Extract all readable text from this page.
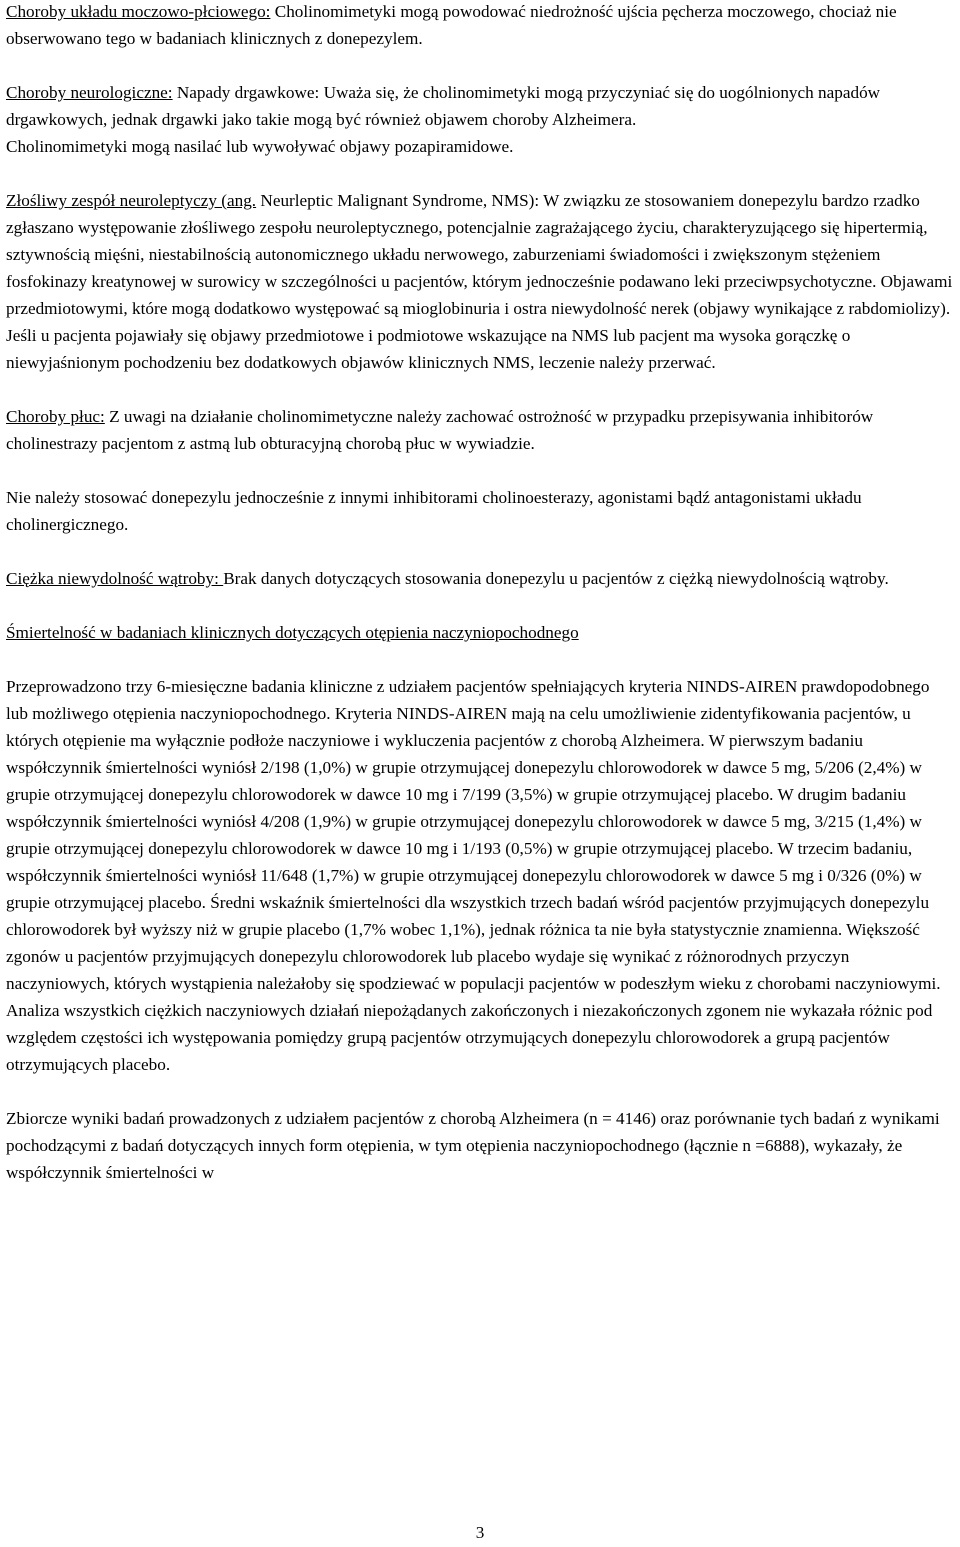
Choroby układu moczowo-płciowego: Cholinomimetyki mogą powodować niedrożność ujścia pęcherza moczowego, chociaż nie obserwowano tego w badaniach klinicznych z donepezylem.

Choroby neurologiczne: Napady drgawkowe: Uważa się, że cholinomimetyki mogą przyczyniać się do uogólnionych napadów drgawkowych, jednak drgawki jako takie mogą być również objawem choroby Alzheimera.

Cholinomimetyki mogą nasilać lub wywoływać objawy pozapiramidowe.

Złośliwy zespół neuroleptyczy (ang. Neurleptic Malignant Syndrome, NMS): W związku ze stosowaniem donepezylu bardzo rzadko zgłaszano występowanie złośliwego zespołu neuroleptycznego, potencjalnie zagrażającego życiu, charakteryzującego się hipertermią, sztywnością mięśni, niestabilnością autonomicznego układu nerwowego, zaburzeniami świadomości i zwiększonym stężeniem fosfokinazy kreatynowej w surowicy w szczególności u pacjentów, którym jednocześnie podawano leki przeciwpsychotyczne. Objawami przedmiotowymi, które mogą dodatkowo występować są mioglobinuria i ostra niewydolność nerek (objawy wynikające z rabdomiolizy). Jeśli u pacjenta pojawiały się objawy przedmiotowe i podmiotowe wskazujące na NMS lub pacjent ma wysoka gorączkę o niewyjaśnionym pochodzeniu bez dodatkowych objawów klinicznych NMS, leczenie należy przerwać.

Choroby płuc: Z uwagi na działanie cholinomimetyczne należy zachować ostrożność w przypadku przepisywania inhibitorów cholinestrazy pacjentom z astmą lub obturacyjną chorobą płuc w wywiadzie.

Nie należy stosować donepezylu jednocześnie z innymi inhibitorami cholinoesterazy, agonistami bądź antagonistami układu cholinergicznego.

Ciężka niewydolność wątroby: Brak danych dotyczących stosowania donepezylu u pacjentów z ciężką niewydolnością wątroby.

Śmiertelność w badaniach klinicznych dotyczących otępienia naczyniopochodnego

Przeprowadzono trzy 6-miesięczne badania kliniczne z udziałem pacjentów spełniających kryteria NINDS-AIREN prawdopodobnego lub możliwego otępienia naczyniopochodnego. Kryteria NINDS-AIREN mają na celu umożliwienie zidentyfikowania pacjentów, u których otępienie ma wyłącznie podłoże naczyniowe i wykluczenia pacjentów z chorobą Alzheimera. W pierwszym badaniu współczynnik śmiertelności wyniósł 2/198 (1,0%) w grupie otrzymującej donepezylu chlorowodorek w dawce 5 mg, 5/206 (2,4%) w grupie otrzymującej donepezylu chlorowodorek w dawce 10 mg i 7/199 (3,5%) w grupie otrzymującej placebo. W drugim badaniu współczynnik śmiertelności wyniósł 4/208 (1,9%) w grupie otrzymującej donepezylu chlorowodorek w dawce 5 mg, 3/215 (1,4%) w grupie otrzymującej donepezylu chlorowodorek w dawce 10 mg i 1/193 (0,5%) w grupie otrzymującej placebo. W trzecim badaniu, współczynnik śmiertelności wyniósł 11/648 (1,7%) w grupie otrzymującej donepezylu chlorowodorek w dawce 5 mg i 0/326 (0%) w grupie otrzymującej placebo. Średni wskaźnik śmiertelności dla wszystkich trzech badań wśród pacjentów przyjmujących donepezylu chlorowodorek był wyższy niż w grupie placebo (1,7% wobec 1,1%), jednak różnica ta nie była statystycznie znamienna. Większość zgonów u pacjentów przyjmujących donepezylu chlorowodorek lub placebo wydaje się wynikać z różnorodnych przyczyn naczyniowych, których wystąpienia należałoby się spodziewać w populacji pacjentów w podeszłym wieku z chorobami naczyniowymi. Analiza wszystkich ciężkich naczyniowych działań niepożądanych zakończonych i niezakończonych zgonem nie wykazała różnic pod względem częstości ich występowania pomiędzy grupą pacjentów otrzymujących donepezylu chlorowodorek a grupą pacjentów otrzymujących placebo.

Zbiorcze wyniki badań prowadzonych z udziałem pacjentów z chorobą Alzheimera (n = 4146) oraz porównanie tych badań z wynikami pochodzącymi z badań dotyczących innych form otępienia, w tym otępienia naczyniopochodnego (łącznie n =6888), wykazały, że współczynnik śmiertelności w

3
